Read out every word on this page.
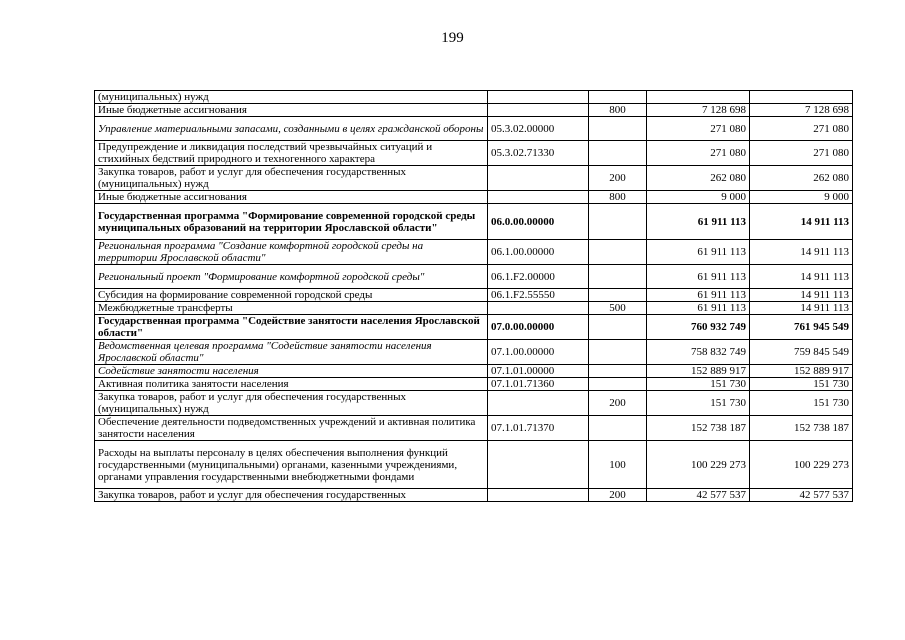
199
(муниципальных) нужд				
Иные бюджетные ассигнования		800	7 128 698	7 128 698
Управление материальными запасами, созданными в целях гражданской обороны	05.3.02.00000		271 080	271 080
Предупреждение и ликвидация последствий чрезвычайных ситуаций и стихийных бедствий природного и техногенного характера	05.3.02.71330		271 080	271 080
Закупка товаров, работ и услуг для обеспечения государственных (муниципальных) нужд		200	262 080	262 080
Иные бюджетные ассигнования		800	9 000	9 000
Государственная программа "Формирование современной городской среды муниципальных образований на территории Ярославской области"	06.0.00.00000		61 911 113	14 911 113
Региональная программа "Создание комфортной городской среды на территории Ярославской области"	06.1.00.00000		61 911 113	14 911 113
Региональный проект "Формирование комфортной городской среды"	06.1.F2.00000		61 911 113	14 911 113
Субсидия на формирование современной городской среды	06.1.F2.55550		61 911 113	14 911 113
Межбюджетные трансферты		500	61 911 113	14 911 113
Государственная программа "Содействие занятости населения Ярославской области"	07.0.00.00000		760 932 749	761 945 549
Ведомственная целевая программа "Содействие занятости населения Ярославской области"	07.1.00.00000		758 832 749	759 845 549
Содействие занятости населения	07.1.01.00000		152 889 917	152 889 917
Активная политика занятости населения	07.1.01.71360		151 730	151 730
Закупка товаров, работ и услуг для обеспечения государственных (муниципальных) нужд		200	151 730	151 730
Обеспечение деятельности подведомственных учреждений и активная политика занятости населения	07.1.01.71370		152 738 187	152 738 187
Расходы на выплаты персоналу в целях обеспечения выполнения функций государственными (муниципальными) органами, казенными учреждениями, органами управления государственными внебюджетными фондами		100	100 229 273	100 229 273
Закупка товаров, работ и услуг для обеспечения государственных		200	42 577 537	42 577 537
